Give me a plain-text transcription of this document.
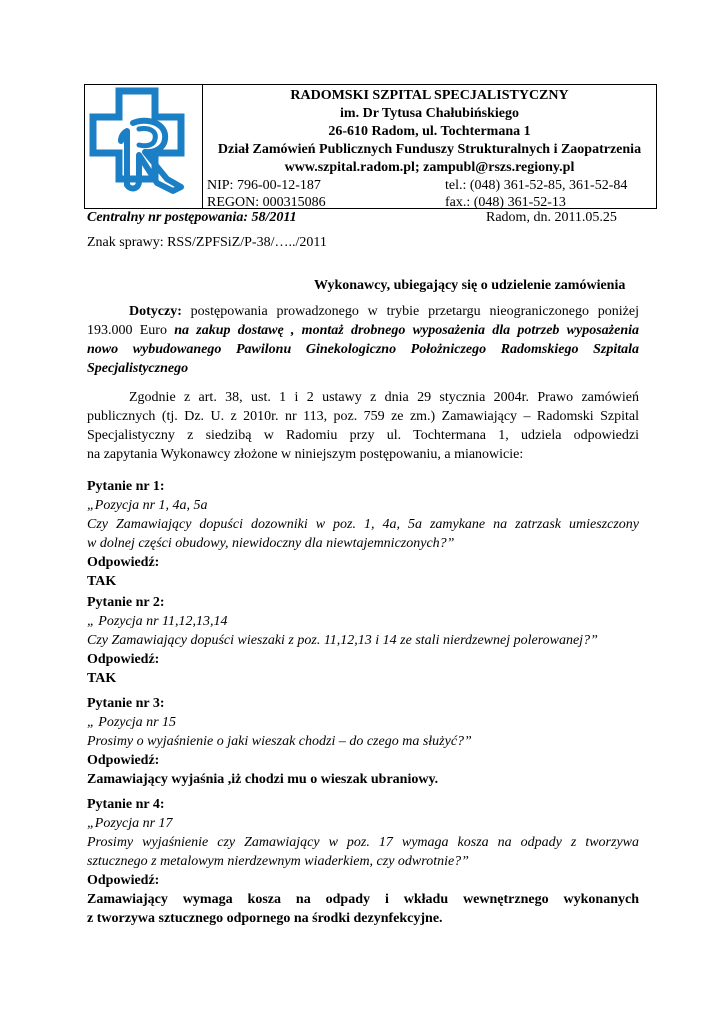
RADOMSKI SZPITAL SPECJALISTYCZNY
im. Dr Tytusa Chałubińskiego
26-610 Radom, ul. Tochtermana 1
Dział Zamówień Publicznych Funduszy Strukturalnych i Zaopatrzenia
www.szpital.radom.pl; zampubl@rszs.regiony.pl
NIP: 796-00-12-187	tel.: (048) 361-52-85, 361-52-84
REGON: 000315086	fax.: (048) 361-52-13
Centralny nr postępowania: 58/2011	Radom, dn. 2011.05.25
Znak sprawy: RSS/ZPFSiZ/P-38/…../2011
Wykonawcy, ubiegający się o udzielenie zamówienia
Dotyczy: postępowania prowadzonego w trybie przetargu nieograniczonego poniżej
193.000 Euro na zakup dostawę , montaż drobnego wyposażenia dla potrzeb wyposażenia
nowo wybudowanego Pawilonu Ginekologiczno Położniczego Radomskiego Szpitala
Specjalistycznego
Zgodnie z art. 38, ust. 1 i 2 ustawy z dnia 29 stycznia 2004r. Prawo zamówień
publicznych (tj. Dz. U. z 2010r. nr 113, poz. 759 ze zm.) Zamawiający – Radomski Szpital
Specjalistyczny z siedzibą w Radomiu przy ul. Tochtermana 1, udziela odpowiedzi
na zapytania Wykonawcy złożone w niniejszym postępowaniu, a mianowicie:
Pytanie nr 1:
„Pozycja nr 1, 4a, 5a
Czy Zamawiający dopuści dozowniki w poz. 1, 4a, 5a zamykane na zatrzask umieszczony
w dolnej części obudowy, niewidoczny dla niewtajemniczonych?”
Odpowiedź:
TAK
Pytanie nr 2:
„ Pozycja nr 11,12,13,14
Czy Zamawiający dopuści wieszaki z poz. 11,12,13 i 14 ze stali nierdzewnej polerowanej?”
Odpowiedź:
TAK
Pytanie nr 3:
„ Pozycja nr 15
Prosimy o wyjaśnienie o jaki wieszak chodzi – do czego ma służyć?”
Odpowiedź:
Zamawiający wyjaśnia ,iż chodzi mu o wieszak ubraniowy.
Pytanie nr 4:
„Pozycja nr 17
Prosimy wyjaśnienie czy Zamawiający w poz. 17 wymaga kosza na odpady z tworzywa
sztucznego z metalowym nierdzewnym wiaderkiem, czy odwrotnie?”
Odpowiedź:
Zamawiający wymaga kosza na odpady i wkładu wewnętrznego wykonanych
z tworzywa sztucznego odpornego na środki dezynfekcyjne.
